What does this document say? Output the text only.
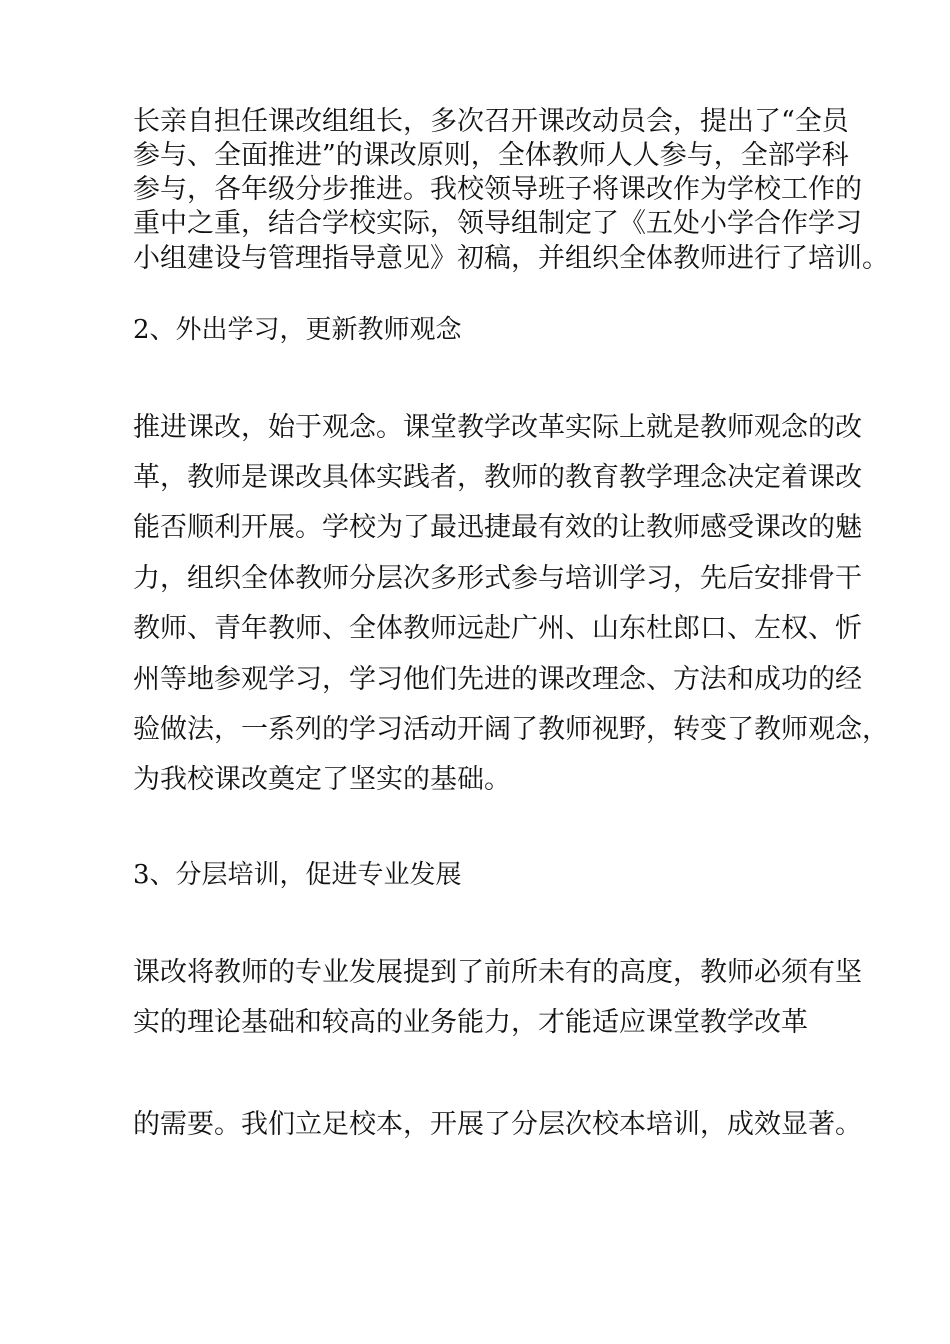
长亲自担任课改组组长，多次召开课改动员会，提出了“全员
参与、全面推进”的课改原则，全体教师人人参与，全部学科
参与，各年级分步推进。我校领导班子将课改作为学校工作的
重中之重，结合学校实际，领导组制定了《五处小学合作学习
小组建设与管理指导意见》初稿，并组织全体教师进行了培训。
2、外出学习，更新教师观念
推进课改，始于观念。课堂教学改革实际上就是教师观念的改
革，教师是课改具体实践者，教师的教育教学理念决定着课改
能否顺利开展。学校为了最迅捷最有效的让教师感受课改的魅
力，组织全体教师分层次多形式参与培训学习，先后安排骨干
教师、青年教师、全体教师远赴广州、山东杜郎口、左权、忻
州等地参观学习，学习他们先进的课改理念、方法和成功的经
验做法，一系列的学习活动开阔了教师视野，转变了教师观念，
为我校课改奠定了坚实的基础。
3、分层培训，促进专业发展
课改将教师的专业发展提到了前所未有的高度，教师必须有坚
实的理论基础和较高的业务能力，才能适应课堂教学改革
的需要。我们立足校本，开展了分层次校本培训，成效显著。
